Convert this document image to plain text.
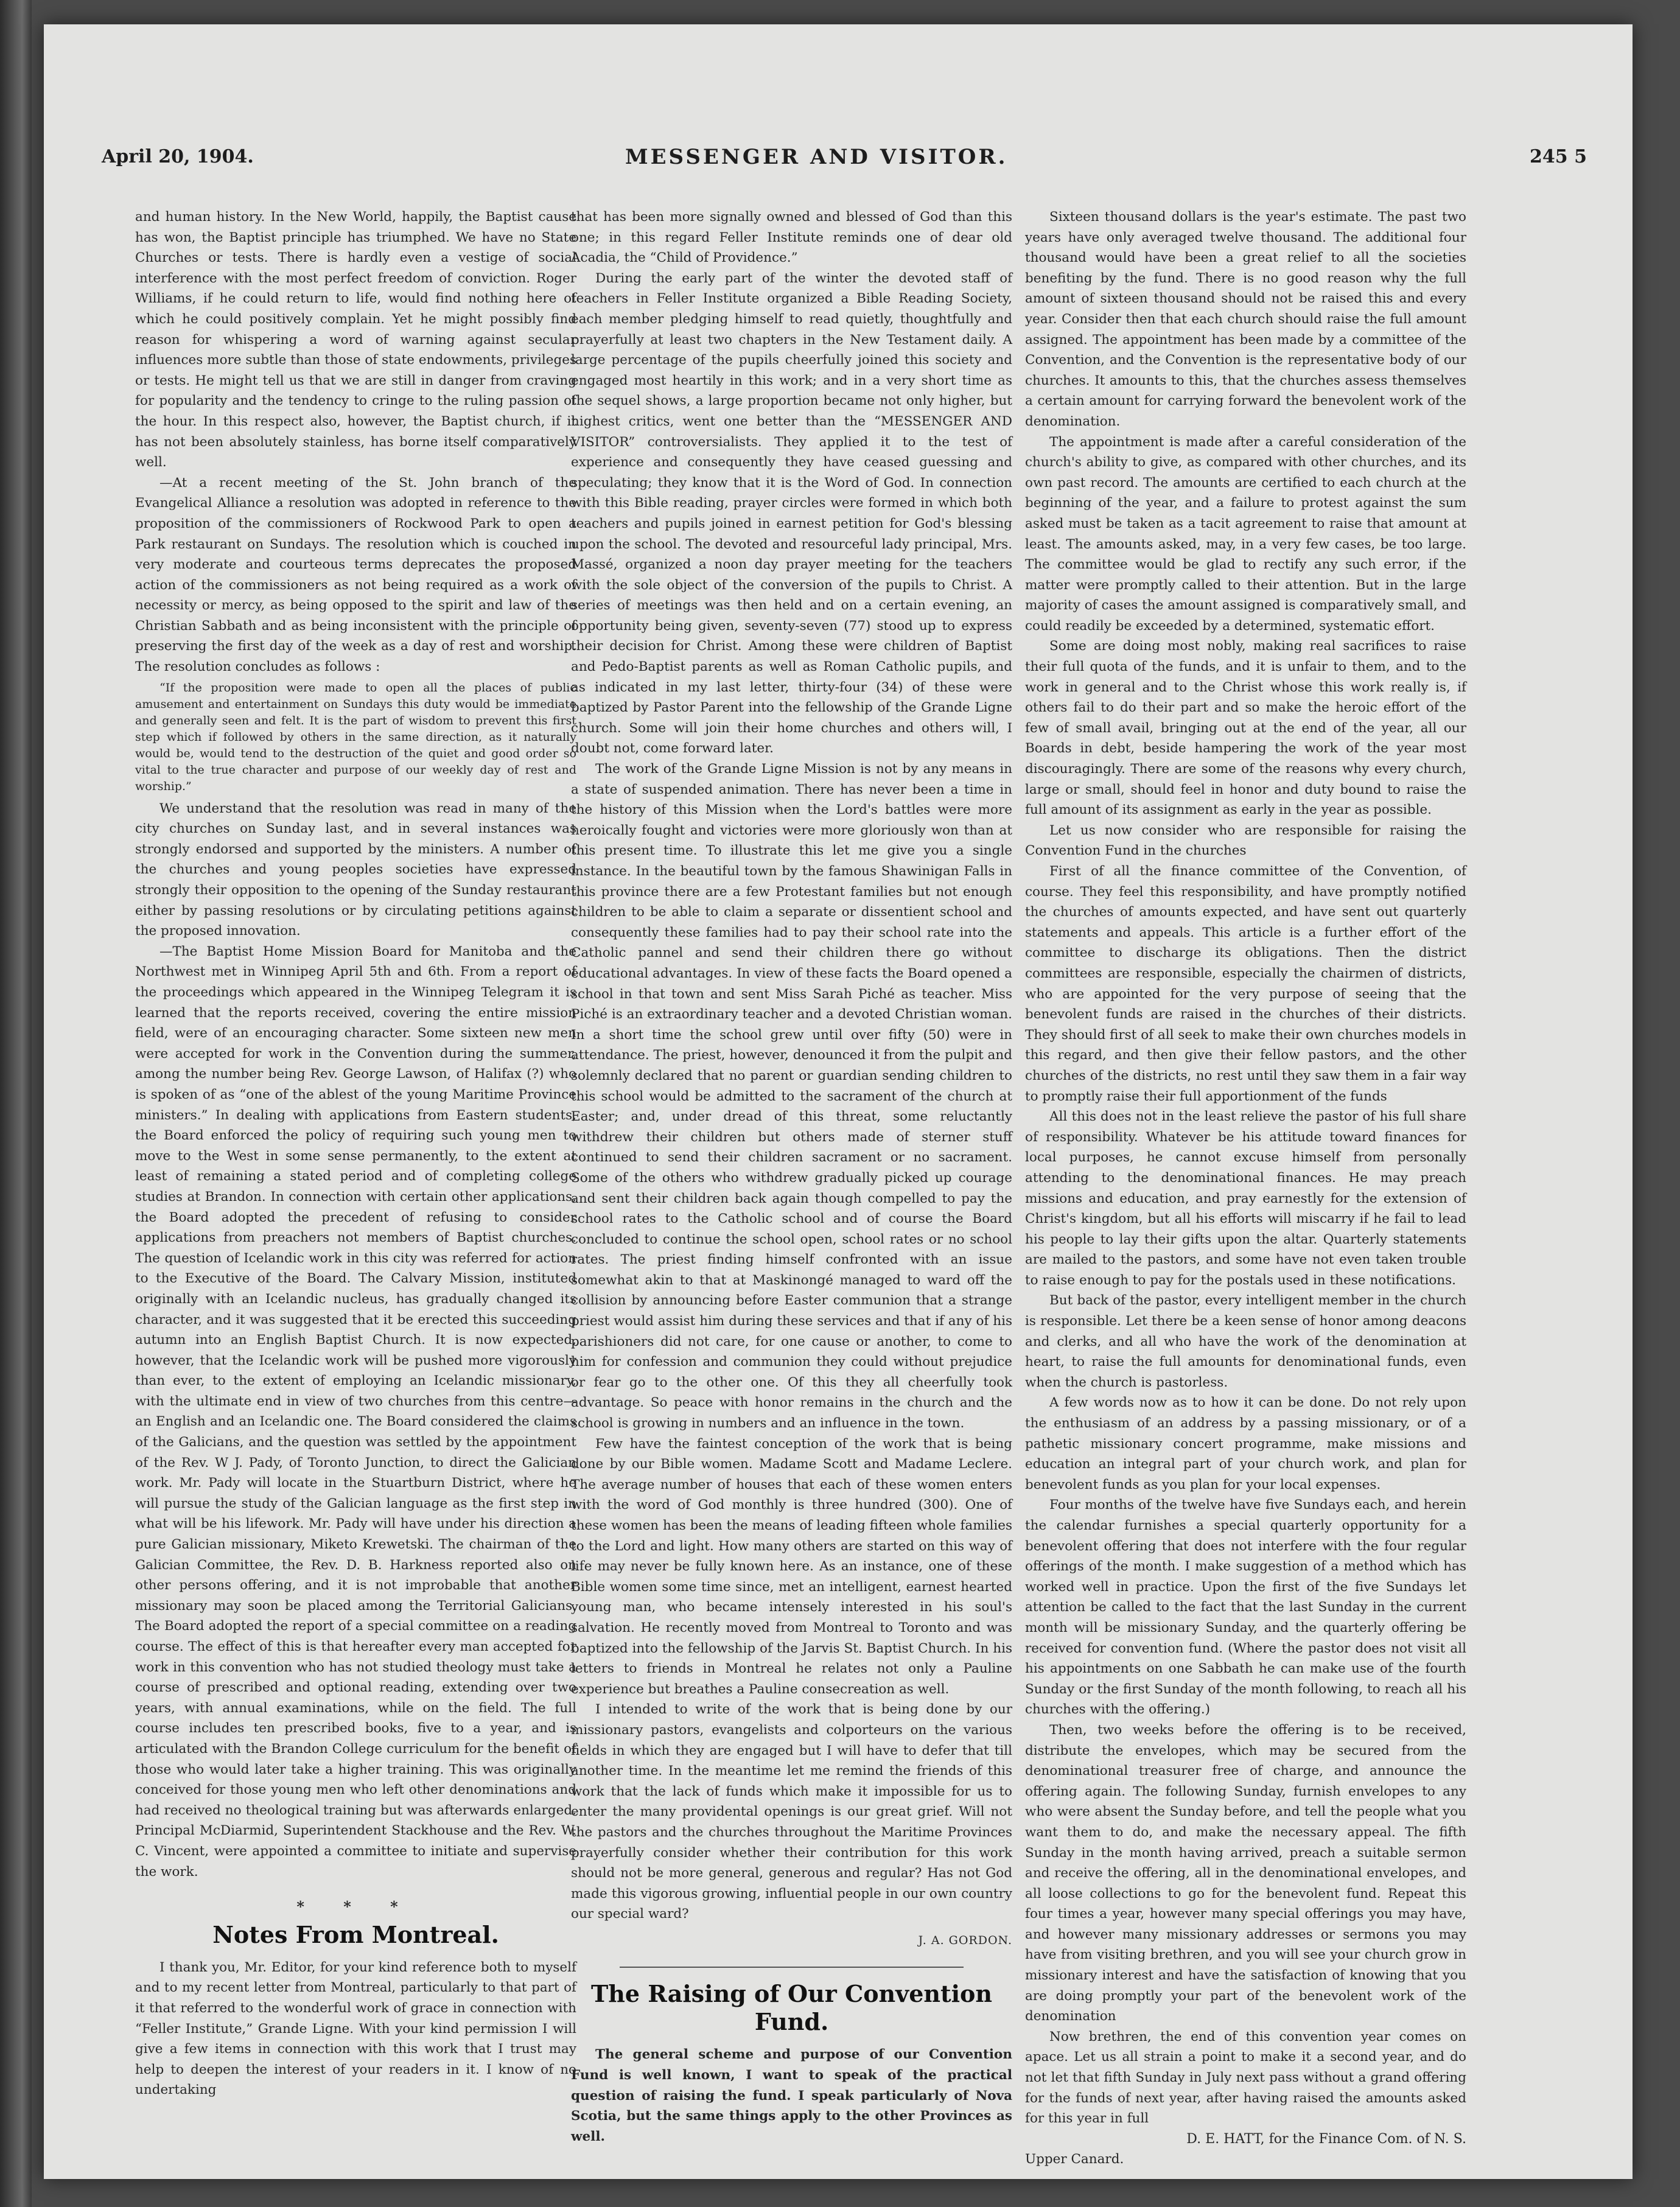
April 20, 1904.	MESSENGER AND VISITOR.	245 5

and human history. In the New World, happily, the Baptist cause has won, the Baptist principle has triumphed. We have no State Churches or tests. There is hardly even a vestige of social interference with the most perfect freedom of conviction. Roger Williams, if he could return to life, would find nothing here of which he could positively complain. Yet he might possibly find reason for whispering a word of warning against secular influences more subtle than those of state endowments, privileges or tests. He might tell us that we are still in danger from craving for popularity and the tendency to cringe to the ruling passion of the hour. In this respect also, however, the Baptist church, if it has not been absolutely stainless, has borne itself comparatively well.

—At a recent meeting of the St. John branch of the Evangelical Alliance a resolution was adopted in reference to the proposition of the commissioners of Rockwood Park to open a Park restaurant on Sundays. The resolution which is couched in very moderate and courteous terms deprecates the proposed action of the commissioners as not being required as a work of necessity or mercy, as being opposed to the spirit and law of the Christian Sabbath and as being inconsistent with the principle of preserving the first day of the week as a day of rest and worship. The resolution concludes as follows :

“If the proposition were made to open all the places of public amusement and entertainment on Sundays this duty would be immediate and generally seen and felt. It is the part of wisdom to prevent this first step which if followed by others in the same direction, as it naturally would be, would tend to the destruction of the quiet and good order so vital to the true character and purpose of our weekly day of rest and worship.”

We understand that the resolution was read in many of the city churches on Sunday last, and in several instances was strongly endorsed and supported by the ministers. A number of the churches and young peoples societies have expressed strongly their opposition to the opening of the Sunday restaurant either by passing resolutions or by circulating petitions against the proposed innovation.

—The Baptist Home Mission Board for Manitoba and the Northwest met in Winnipeg April 5th and 6th. From a report of the proceedings which appeared in the Winnipeg Telegram it is learned that the reports received, covering the entire mission field, were of an encouraging character. Some sixteen new men were accepted for work in the Convention during the summer, among the number being Rev. George Lawson, of Halifax (?) who is spoken of as “one of the ablest of the young Maritime Province ministers.” In dealing with applications from Eastern students, the Board enforced the policy of requiring such young men to move to the West in some sense permanently, to the extent at least of remaining a stated period and of completing college studies at Brandon. In connection with certain other applications, the Board adopted the precedent of refusing to consider applications from preachers not members of Baptist churches. The question of Icelandic work in this city was referred for action to the Executive of the Board. The Calvary Mission, instituted originally with an Icelandic nucleus, has gradually changed its character, and it was suggested that it be erected this succeeding autumn into an English Baptist Church. It is now expected, however, that the Icelandic work will be pushed more vigorously than ever, to the extent of employing an Icelandic missionary, with the ultimate end in view of two churches from this centre—an English and an Icelandic one. The Board considered the claims of the Galicians, and the question was settled by the appointment of the Rev. W J. Pady, of Toronto Junction, to direct the Galician work. Mr. Pady will locate in the Stuartburn District, where he will pursue the study of the Galician language as the first step in what will be his lifework. Mr. Pady will have under his direction a pure Galician missionary, Miketo Krewetski. The chairman of the Galician Committee, the Rev. D. B. Harkness reported also on other persons offering, and it is not improbable that another missionary may soon be placed among the Territorial Galicians. The Board adopted the report of a special committee on a reading course. The effect of this is that hereafter every man accepted for work in this convention who has not studied theology must take a course of prescribed and optional reading, extending over two years, with annual examinations, while on the field. The full course includes ten prescribed books, five to a year, and is articulated with the Brandon College curriculum for the benefit of those who would later take a higher training. This was originally conceived for those young men who left other denominations and had received no theological training but was afterwards enlarged. Principal McDiarmid, Superintendent Stackhouse and the Rev. W. C. Vincent, were appointed a committee to initiate and supervise the work.

* * *
Notes From Montreal.

I thank you, Mr. Editor, for your kind reference both to myself and to my recent letter from Montreal, particularly to that part of it that referred to the wonderful work of grace in connection with “Feller Institute,” Grande Ligne. With your kind permission I will give a few items in connection with this work that I trust may help to deepen the interest of your readers in it. I know of no undertaking

that has been more signally owned and blessed of God than this one; in this regard Feller Institute reminds one of dear old Acadia, the “Child of Providence.”

During the early part of the winter the devoted staff of teachers in Feller Institute organized a Bible Reading Society, each member pledging himself to read quietly, thoughtfully and prayerfully at least two chapters in the New Testament daily. A large percentage of the pupils cheerfully joined this society and engaged most heartily in this work; and in a very short time as the sequel shows, a large proportion became not only higher, but highest critics, went one better than the “MESSENGER AND VISITOR” controversialists. They applied it to the test of experience and consequently they have ceased guessing and speculating; they know that it is the Word of God. In connection with this Bible reading, prayer circles were formed in which both teachers and pupils joined in earnest petition for God's blessing upon the school. The devoted and resourceful lady principal, Mrs. Massé, organized a noon day prayer meeting for the teachers with the sole object of the conversion of the pupils to Christ. A series of meetings was then held and on a certain evening, an opportunity being given, seventy-seven (77) stood up to express their decision for Christ. Among these were children of Baptist and Pedo-Baptist parents as well as Roman Catholic pupils, and as indicated in my last letter, thirty-four (34) of these were baptized by Pastor Parent into the fellowship of the Grande Ligne church. Some will join their home churches and others will, I doubt not, come forward later.

The work of the Grande Ligne Mission is not by any means in a state of suspended animation. There has never been a time in the history of this Mission when the Lord's battles were more heroically fought and victories were more gloriously won than at this present time. To illustrate this let me give you a single instance. In the beautiful town by the famous Shawinigan Falls in this province there are a few Protestant families but not enough children to be able to claim a separate or dissentient school and consequently these families had to pay their school rate into the Catholic pannel and send their children there go without educational advantages. In view of these facts the Board opened a school in that town and sent Miss Sarah Piché as teacher. Miss Piché is an extraordinary teacher and a devoted Christian woman. In a short time the school grew until over fifty (50) were in attendance. The priest, however, denounced it from the pulpit and solemnly declared that no parent or guardian sending children to this school would be admitted to the sacrament of the church at Easter; and, under dread of this threat, some reluctantly withdrew their children but others made of sterner stuff continued to send their children sacrament or no sacrament. Some of the others who withdrew gradually picked up courage and sent their children back again though compelled to pay the school rates to the Catholic school and of course the Board concluded to continue the school open, school rates or no school rates. The priest finding himself confronted with an issue somewhat akin to that at Maskinongé managed to ward off the collision by announcing before Easter communion that a strange priest would assist him during these services and that if any of his parishioners did not care, for one cause or another, to come to him for confession and communion they could without prejudice or fear go to the other one. Of this they all cheerfully took advantage. So peace with honor remains in the church and the school is growing in numbers and an influence in the town.

Few have the faintest conception of the work that is being done by our Bible women. Madame Scott and Madame Leclere. The average number of houses that each of these women enters with the word of God monthly is three hundred (300). One of these women has been the means of leading fifteen whole families to the Lord and light. How many others are started on this way of life may never be fully known here. As an instance, one of these Bible women some time since, met an intelligent, earnest hearted young man, who became intensely interested in his soul's salvation. He recently moved from Montreal to Toronto and was baptized into the fellowship of the Jarvis St. Baptist Church. In his letters to friends in Montreal he relates not only a Pauline experience but breathes a Pauline consecreation as well.

I intended to write of the work that is being done by our missionary pastors, evangelists and colporteurs on the various fields in which they are engaged but I will have to defer that till another time. In the meantime let me remind the friends of this work that the lack of funds which make it impossible for us to enter the many providental openings is our great grief. Will not the pastors and the churches throughout the Maritime Provinces prayerfully consider whether their contribution for this work should not be more general, generous and regular? Has not God made this vigorous growing, influential people in our own country our special ward?

J. A. GORDON.
The Raising of Our Convention Fund.

The general scheme and purpose of our Convention Fund is well known, I want to speak of the practical question of raising the fund. I speak particularly of Nova Scotia, but the same things apply to the other Provinces as well.

Sixteen thousand dollars is the year's estimate. The past two years have only averaged twelve thousand. The additional four thousand would have been a great relief to all the societies benefiting by the fund. There is no good reason why the full amount of sixteen thousand should not be raised this and every year. Consider then that each church should raise the full amount assigned. The appointment has been made by a committee of the Convention, and the Convention is the representative body of our churches. It amounts to this, that the churches assess themselves a certain amount for carrying forward the benevolent work of the denomination.

The appointment is made after a careful consideration of the church's ability to give, as compared with other churches, and its own past record. The amounts are certified to each church at the beginning of the year, and a failure to protest against the sum asked must be taken as a tacit agreement to raise that amount at least. The amounts asked, may, in a very few cases, be too large. The committee would be glad to rectify any such error, if the matter were promptly called to their attention. But in the large majority of cases the amount assigned is comparatively small, and could readily be exceeded by a determined, systematic effort.

Some are doing most nobly, making real sacrifices to raise their full quota of the funds, and it is unfair to them, and to the work in general and to the Christ whose this work really is, if others fail to do their part and so make the heroic effort of the few of small avail, bringing out at the end of the year, all our Boards in debt, beside hampering the work of the year most discouragingly. There are some of the reasons why every church, large or small, should feel in honor and duty bound to raise the full amount of its assignment as early in the year as possible.

Let us now consider who are responsible for raising the Convention Fund in the churches

First of all the finance committee of the Convention, of course. They feel this responsibility, and have promptly notified the churches of amounts expected, and have sent out quarterly statements and appeals. This article is a further effort of the committee to discharge its obligations. Then the district committees are responsible, especially the chairmen of districts, who are appointed for the very purpose of seeing that the benevolent funds are raised in the churches of their districts. They should first of all seek to make their own churches models in this regard, and then give their fellow pastors, and the other churches of the districts, no rest until they saw them in a fair way to promptly raise their full apportionment of the funds

All this does not in the least relieve the pastor of his full share of responsibility. Whatever be his attitude toward finances for local purposes, he cannot excuse himself from personally attending to the denominational finances. He may preach missions and education, and pray earnestly for the extension of Christ's kingdom, but all his efforts will miscarry if he fail to lead his people to lay their gifts upon the altar. Quarterly statements are mailed to the pastors, and some have not even taken trouble to raise enough to pay for the postals used in these notifications.

But back of the pastor, every intelligent member in the church is responsible. Let there be a keen sense of honor among deacons and clerks, and all who have the work of the denomination at heart, to raise the full amounts for denominational funds, even when the church is pastorless.

A few words now as to how it can be done. Do not rely upon the enthusiasm of an address by a passing missionary, or of a pathetic missionary concert programme, make missions and education an integral part of your church work, and plan for benevolent funds as you plan for your local expenses.

Four months of the twelve have five Sundays each, and herein the calendar furnishes a special quarterly opportunity for a benevolent offering that does not interfere with the four regular offerings of the month. I make suggestion of a method which has worked well in practice. Upon the first of the five Sundays let attention be called to the fact that the last Sunday in the current month will be missionary Sunday, and the quarterly offering be received for convention fund. (Where the pastor does not visit all his appointments on one Sabbath he can make use of the fourth Sunday or the first Sunday of the month following, to reach all his churches with the offering.)

Then, two weeks before the offering is to be received, distribute the envelopes, which may be secured from the denominational treasurer free of charge, and announce the offering again. The following Sunday, furnish envelopes to any who were absent the Sunday before, and tell the people what you want them to do, and make the necessary appeal. The fifth Sunday in the month having arrived, preach a suitable sermon and receive the offering, all in the denominational envelopes, and all loose collections to go for the benevolent fund. Repeat this four times a year, however many special offerings you may have, and however many missionary addresses or sermons you may have from visiting brethren, and you will see your church grow in missionary interest and have the satisfaction of knowing that you are doing promptly your part of the benevolent work of the denomination

Now brethren, the end of this convention year comes on apace. Let us all strain a point to make it a second year, and do not let that fifth Sunday in July next pass without a grand offering for the funds of next year, after having raised the amounts asked for this year in full

D. E. HATT, for the Finance Com. of N. S.

Upper Canard.
